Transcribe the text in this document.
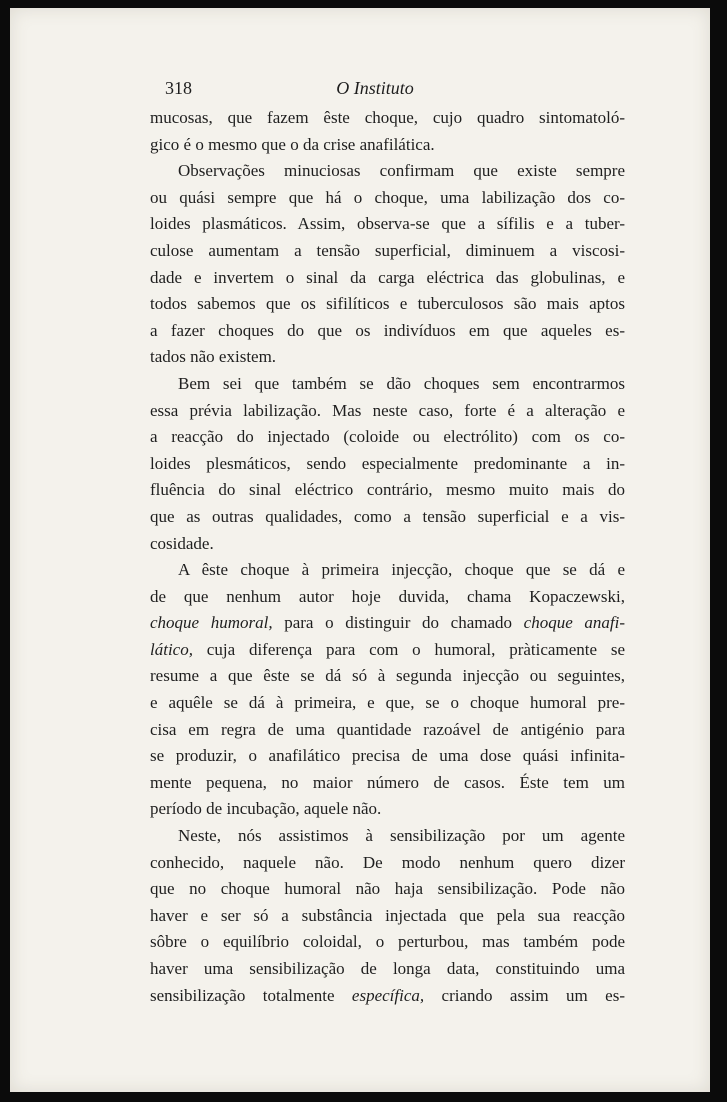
318	O Instituto
mucosas, que fazem êste choque, cujo quadro sintomatoló-
gico é o mesmo que o da crise anafilática.
Observações minuciosas confirmam que existe sempre
ou quási sempre que há o choque, uma labilização dos co-
loides plasmáticos. Assim, observa-se que a sífilis e a tuber-
culose aumentam a tensão superficial, diminuem a viscosi-
dade e invertem o sinal da carga eléctrica das globulinas, e
todos sabemos que os sifilíticos e tuberculosos são mais aptos
a fazer choques do que os indivíduos em que aqueles es-
tados não existem.
Bem sei que também se dão choques sem encontrarmos
essa prévia labilização. Mas neste caso, forte é a alteração e
a reacção do injectado (coloide ou electrólito) com os co-
loides plesmáticos, sendo especialmente predominante a in-
fluência do sinal eléctrico contrário, mesmo muito mais do
que as outras qualidades, como a tensão superficial e a vis-
cosidade.
A êste choque à primeira injecção, choque que se dá e
de que nenhum autor hoje duvida, chama Kopaczewski,
choque humoral, para o distinguir do chamado choque anafi-
lático, cuja diferença para com o humoral, pràticamente se
resume a que êste se dá só à segunda injecção ou seguintes,
e aquêle se dá à primeira, e que, se o choque humoral pre-
cisa em regra de uma quantidade razoável de antigénio para
se produzir, o anafilático precisa de uma dose quási infinita-
mente pequena, no maior número de casos. Éste tem um
período de incubação, aquele não.
Neste, nós assistimos à sensibilização por um agente
conhecido, naquele não. De modo nenhum quero dizer
que no choque humoral não haja sensibilização. Pode não
haver e ser só a substância injectada que pela sua reacção
sôbre o equilíbrio coloidal, o perturbou, mas também pode
haver uma sensibilização de longa data, constituindo uma
sensibilização totalmente específica, criando assim um es-
